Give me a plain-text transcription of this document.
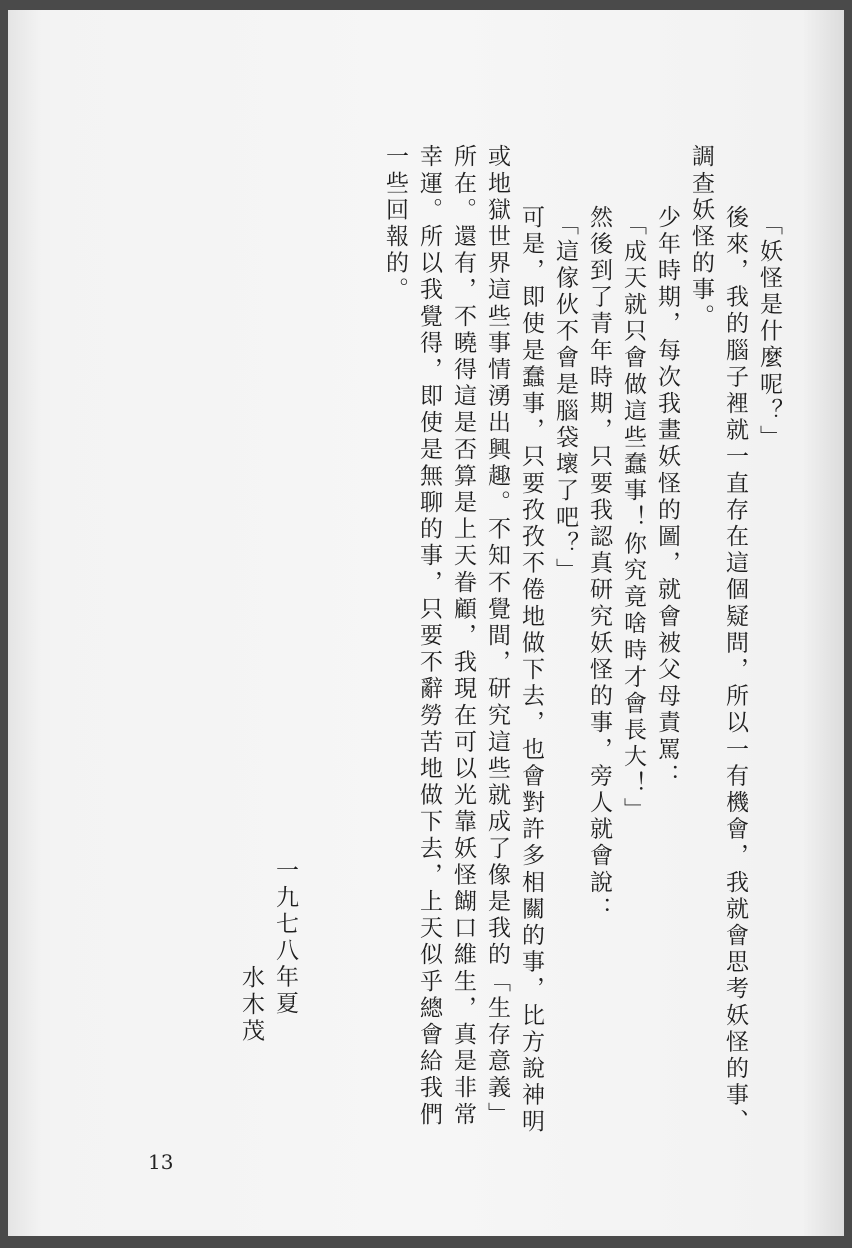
「妖怪是什麼呢？」
　後來，我的腦子裡就一直存在這個疑問，所以一有機會，我就會思考妖怪的事、
調查妖怪的事。
　少年時期，每次我畫妖怪的圖，就會被父母責罵：
「成天就只會做這些蠢事！你究竟啥時才會長大！」
　然後到了青年時期，只要我認真研究妖怪的事，旁人就會說：
「這傢伙不會是腦袋壞了吧？」
　可是，即使是蠢事，只要孜孜不倦地做下去，也會對許多相關的事，比方說神明
或地獄世界這些事情湧出興趣。不知不覺間，研究這些就成了像是我的「生存意義」
所在。還有，不曉得這是否算是上天眷顧，我現在可以光靠妖怪餬口維生，真是非常
幸運。所以我覺得，即使是無聊的事，只要不辭勞苦地做下去，上天似乎總會給我們
一些回報的。
一九七八年夏
水木茂
13
